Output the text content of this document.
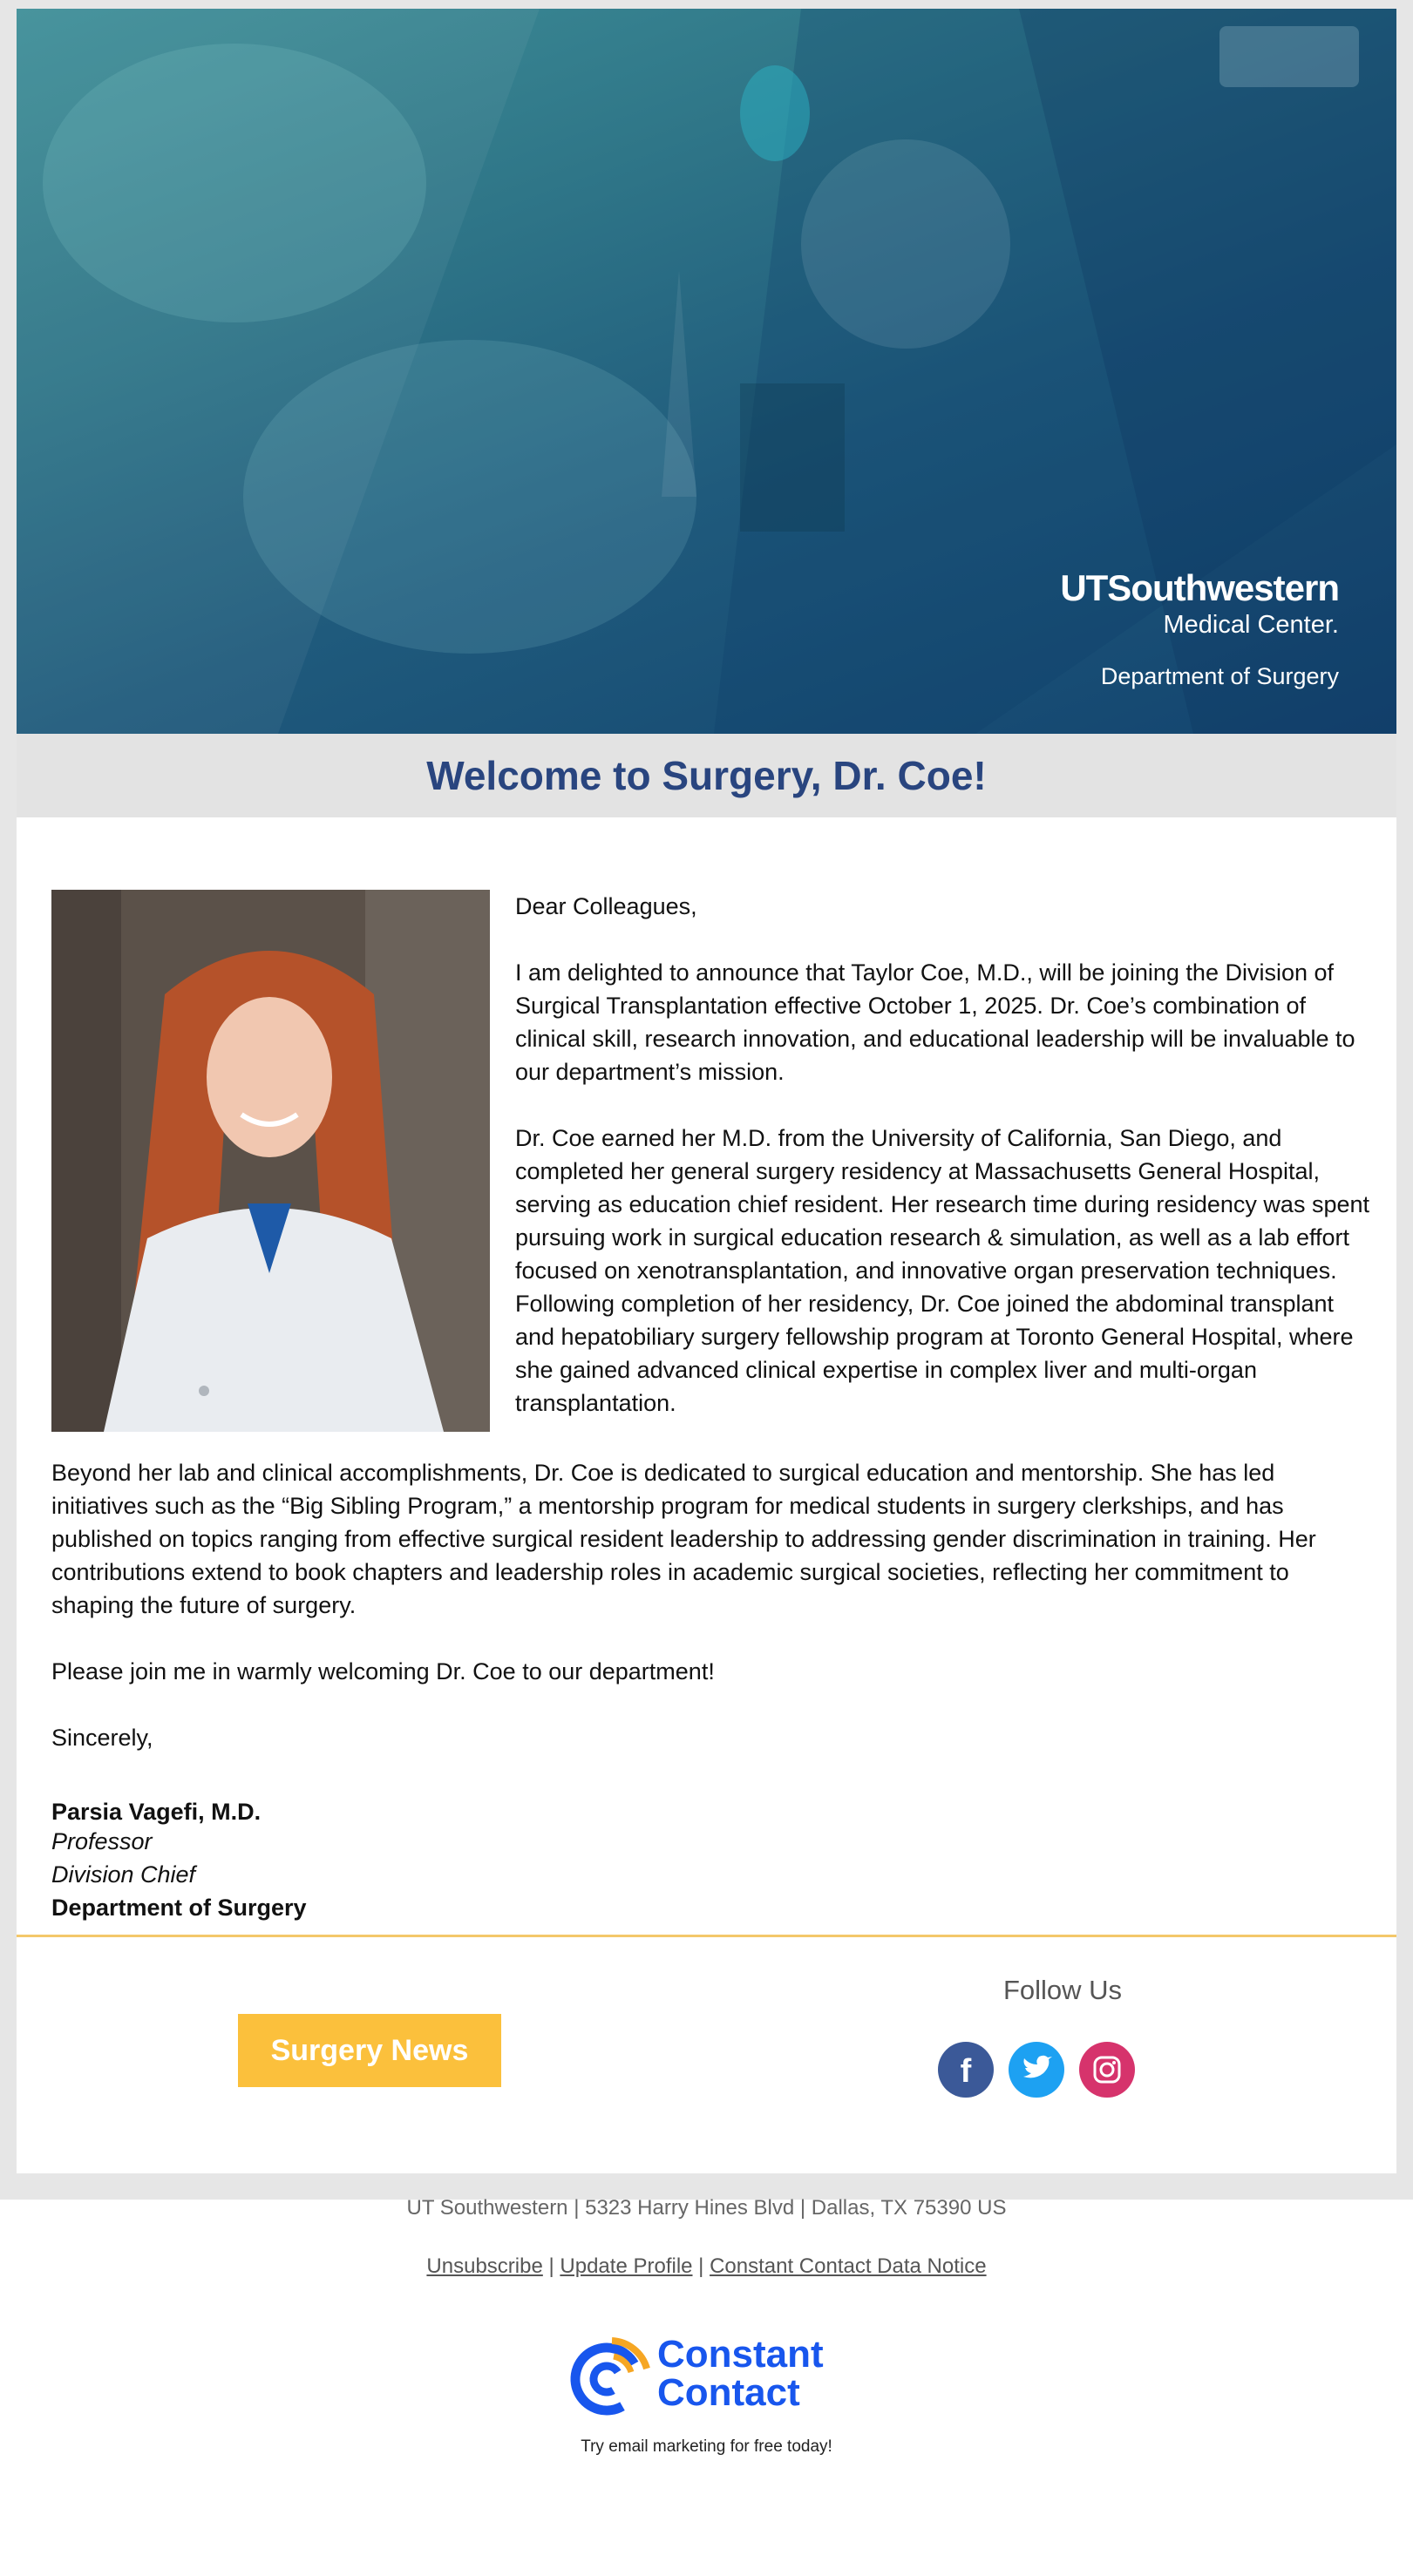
UTSouthwestern
Medical Center.
Department of Surgery
Welcome to Surgery, Dr. Coe!

Dear Colleagues,

I am delighted to announce that Taylor Coe, M.D., will be joining the Division of Surgical Transplantation effective October 1, 2025. Dr. Coe’s combination of clinical skill, research innovation, and educational leadership will be invaluable to our department’s mission.

Dr. Coe earned her M.D. from the University of California, San Diego, and completed her general surgery residency at Massachusetts General Hospital, serving as education chief resident. Her research time during residency was spent pursuing work in surgical education research & simulation, as well as a lab effort focused on xenotransplantation, and innovative organ preservation techniques. Following completion of her residency, Dr. Coe joined the abdominal transplant and hepatobiliary surgery fellowship program at Toronto General Hospital, where she gained advanced clinical expertise in complex liver and multi-organ transplantation.

Beyond her lab and clinical accomplishments, Dr. Coe is dedicated to surgical education and mentorship. She has led initiatives such as the “Big Sibling Program,” a mentorship program for medical students in surgery clerkships, and has published on topics ranging from effective surgical resident leadership to addressing gender discrimination in training. Her contributions extend to book chapters and leadership roles in academic surgical societies, reflecting her commitment to shaping the future of surgery.

Please join me in warmly welcoming Dr. Coe to our department!

Sincerely,

Parsia Vagefi, M.D.
Professor
Division Chief
Department of Surgery
Surgery News
Follow Us
f
UT Southwestern | 5323 Harry Hines Blvd | Dallas, TX 75390 US
Unsubscribe | Update Profile | Constant Contact Data Notice
Constant
Contact
Try email marketing for free today!
